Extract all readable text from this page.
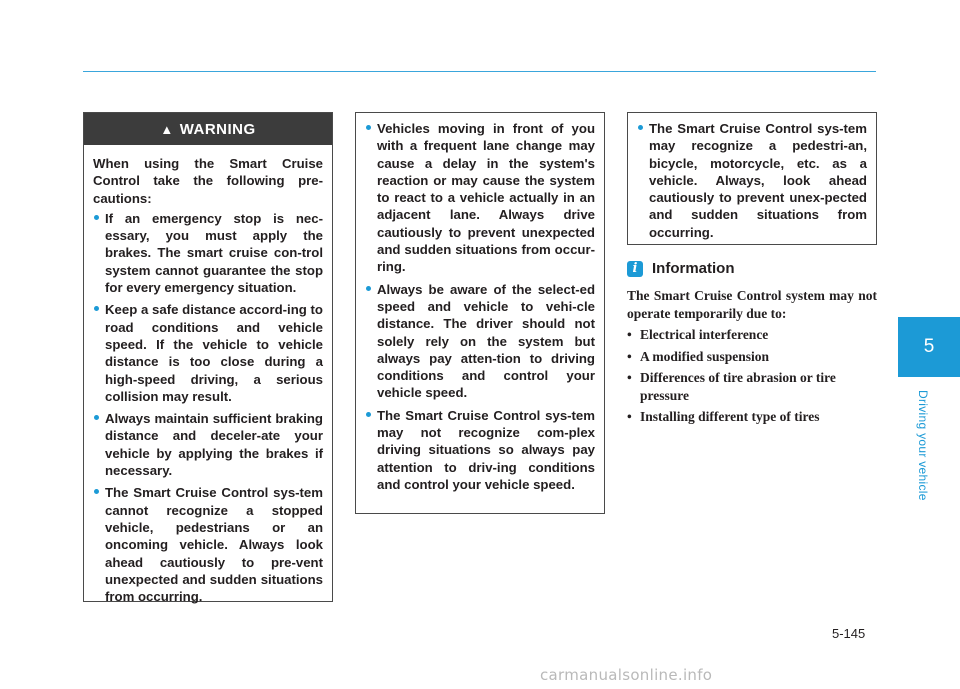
5
Driving your vehicle
▲ WARNING

When using the Smart Cruise Control take the following pre-cautions:

If an emergency stop is nec-essary, you must apply the brakes. The smart cruise con-trol system cannot guarantee the stop for every emergency situation.

Keep a safe distance accord-ing to road conditions and vehicle speed. If the vehicle to vehicle distance is too close during a high-speed driving, a serious collision may result.

Always maintain sufficient braking distance and deceler-ate your vehicle by applying the brakes if necessary.

The Smart Cruise Control sys-tem cannot recognize a stopped vehicle, pedestrians or an oncoming vehicle. Always look ahead cautiously to pre-vent unexpected and sudden situations from occurring.

Vehicles moving in front of you with a frequent lane change may cause a delay in the system's reaction or may cause the system to react to a vehicle actually in an adjacent lane. Always drive cautiously to prevent unexpected and sudden situations from occur-ring.

Always be aware of the select-ed speed and vehicle to vehi-cle distance. The driver should not solely rely on the system but always pay atten-tion to driving conditions and control your vehicle speed.

The Smart Cruise Control sys-tem may not recognize com-plex driving situations so always pay attention to driv-ing conditions and control your vehicle speed.

The Smart Cruise Control sys-tem may recognize a pedestri-an, bicycle, motorcycle, etc. as a vehicle. Always, look ahead cautiously to prevent unex-pected and sudden situations from occurring.

i Information

The Smart Cruise Control system may not operate temporarily due to:

• Electrical interference

• A modified suspension

• Differences of tire abrasion or tire pressure

• Installing different type of tires

5-145
carmanualsonline.info
